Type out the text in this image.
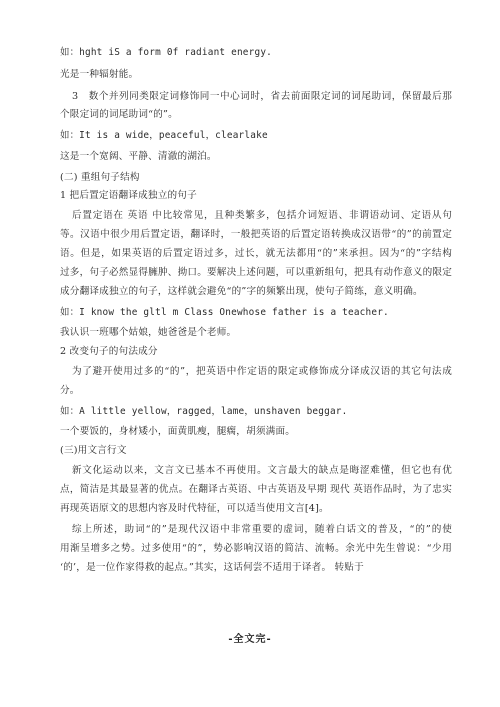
如：hght iS a form 0f radiant energy.
光是一种辐射能。
3　数个并列同类限定词修饰同一中心词时，省去前面限定词的词尾助词，保留最后那
个限定词的词尾助词“的”。
如：It is a wide，peaceful，clearlake
这是一个宽阔、平静、清澈的湖泊。
(二) 重组句子结构
1 把后置定语翻译成独立的句子
后置定语在 英语 中比较常见，且种类繁多，包括介词短语、非谓语动词、定语从句
等。汉语中很少用后置定语，翻译时，一般把英语的后置定语转换成汉语带“的”的前置定
语。但是，如果英语的后置定语过多，过长，就无法都用“的”来承担。因为“的”字结构
过多，句子必然显得臃肿、拗口。要解决上述问题，可以重新组句，把具有动作意义的限定
成分翻译成独立的句子，这样就会避免“的”字的频繁出现，使句子简练，意义明确。
如：I know the gltl m Class Onewhose father is a teacher.
我认识一班哪个姑娘，她爸爸是个老师。
2 改变句子的句法成分
为了避开使用过多的“的”，把英语中作定语的限定或修饰成分译成汉语的其它句法成
分。
如：A little yellow，ragged，lame，unshaven beggar.
一个要饭的，身材矮小，面黄肌瘦，腿瘸，胡须满面。
(三)用文言行文
新文化运动以来，文言文已基本不再使用。文言最大的缺点是晦涩难懂，但它也有优
点，简洁是其最显著的优点。在翻译古英语、中古英语及早期 现代 英语作品时，为了忠实
再现英语原文的思想内容及时代特征，可以适当使用文言[4]。
综上所述，助词“的”是现代汉语中非常重要的虚词，随着白话文的普及，“的”的使
用渐呈增多之势。过多使用“的”，势必影响汉语的简洁、流畅。余光中先生曾说：“少用
‘的’，是一位作家得救的起点。”其实，这话何尝不适用于译者。 转贴于
-全文完-
